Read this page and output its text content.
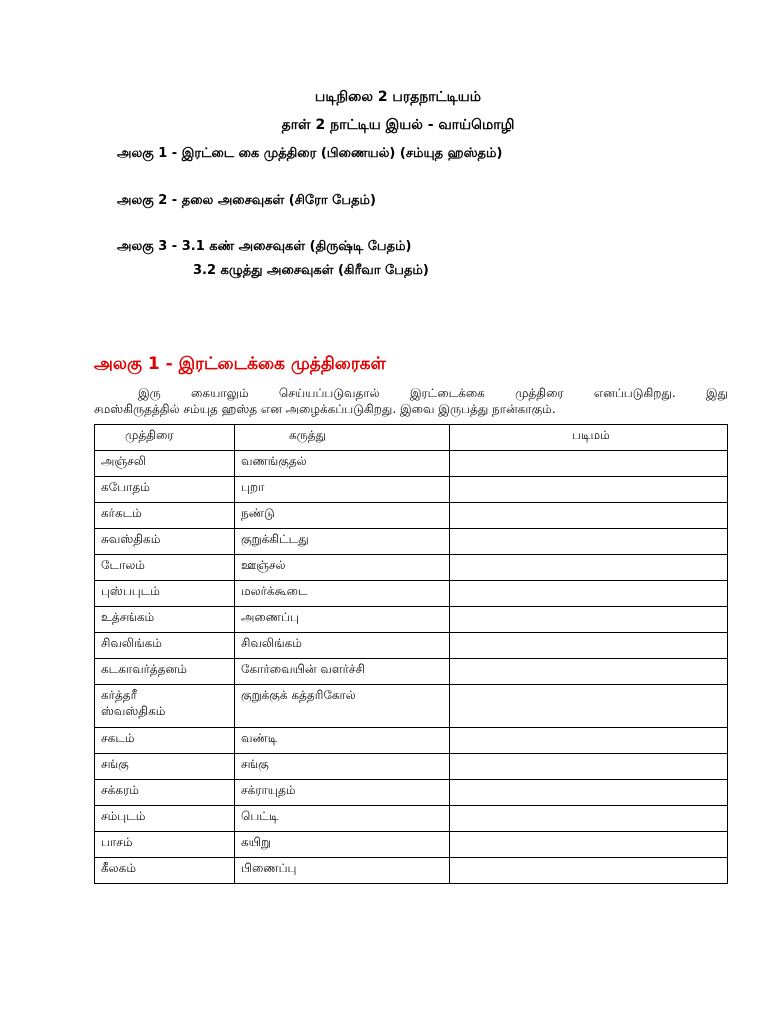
படிநிலை 2 பரதநாட்டியம்
தாள் 2 நாட்டிய இயல் - வாய்மொழி
அலகு 1 - இரட்டை கை முத்திரை (பிணையல்) (சம்யுத ஹஸ்தம்)
அலகு 2 - தலை அசைவுகள் (சிரோ பேதம்)
அலகு 3 - 3.1 கண் அசைவுகள் (திருஷ்டி பேதம்)
3.2 கழுத்து அசைவுகள் (கிரீவா பேதம்)
அலகு 1 - இரட்டைக்கை முத்திரைகள்
இரு கையாலும் செய்யப்படுவதால் இரட்டைக்கை முத்திரை எனப்படுகிறது. இது
சமஸ்கிருதத்தில் சம்யுத ஹஸ்த என அழைக்கப்படுகிறது. இவை இருபத்து நான்காகும்.
முத்திரை	கருத்து	படிமம்
அஞ்சலி	வணங்குதல்	
கபோதம்	புறா	
கர்கடம்	நண்டு	
சுவஸ்திகம்	குறுக்கிட்டது	
டோலம்	ஊஞ்சல்	
புஸ்பபுடம்	மலர்க்கூடை	
உத்சங்கம்	அணைப்பு	
சிவலிங்கம்	சிவலிங்கம்	
கடகாவர்த்தனம்	கோர்வையின் வளர்ச்சி	
கர்த்தரீ
ஸ்வஸ்திகம்	குறுக்குக் கத்தரிகோல்	
சகடம்	வண்டி	
சங்கு	சங்கு	
சக்கரம்	சக்ராயுதம்	
சம்புடம்	பெட்டி	
பாசம்	கயிறு	
கீலகம்	பிணைப்பு	
